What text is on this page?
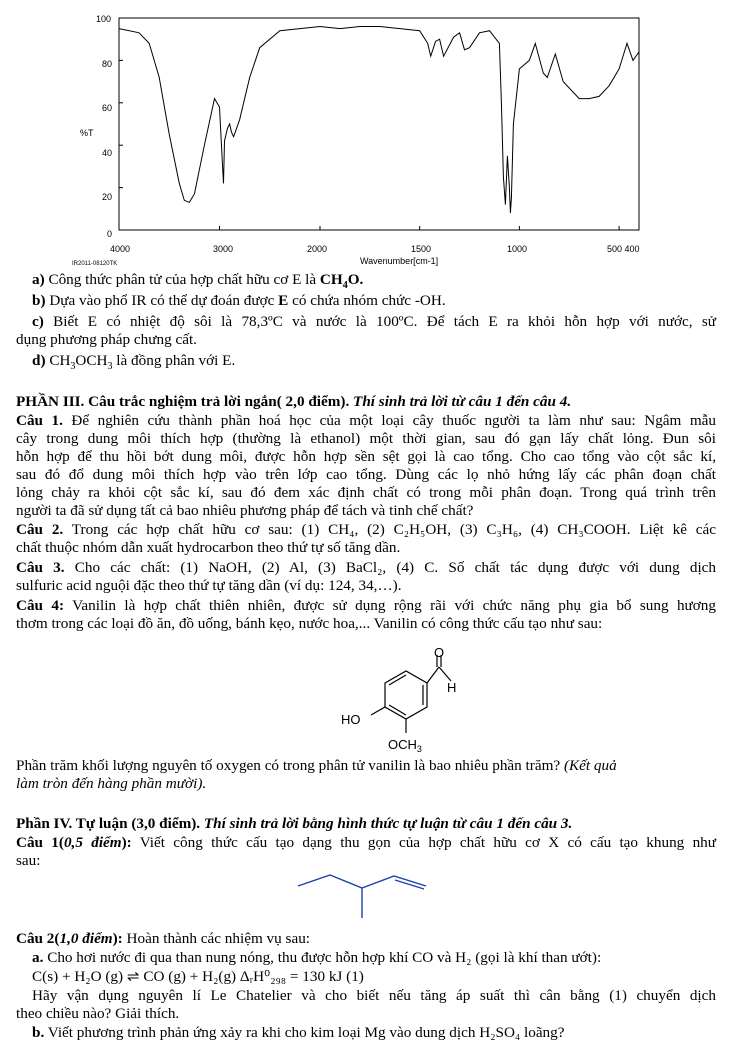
100
80
60
40
20
0
%T
4000	3000	2000	1500	1000	500 400
Wavenumber[cm-1]
IR2011-08120TK
a) Công thức phân tử của hợp chất hữu cơ E là $CH_4O$.
b) Dựa vào phổ IR có thể dự đoán được E có chứa nhóm chức -OH.
c) Biết E có nhiệt độ sôi là 78,3ºC và nước là 100ºC. Để tách E ra khỏi hỗn hợp với nước, sử
dụng phương pháp chưng cất.
d) $CH_3OCH_3$ là đồng phân với E.
PHẦN III. Câu trắc nghiệm trả lời ngắn( 2,0 điểm). Thí sinh trả lời từ câu 1 đến câu 4.
Câu 1. Để nghiên cứu thành phần hoá học của một loại cây thuốc người ta làm như sau: Ngâm mẫu
cây trong dung môi thích hợp (thường là ethanol) một thời gian, sau đó gạn lấy chất lỏng. Đun sôi
hỗn hợp để thu hồi bớt dung môi, được hỗn hợp sền sệt gọi là cao tổng. Cho cao tổng vào cột sắc kí,
sau đó đổ dung môi thích hợp vào trên lớp cao tổng. Dùng các lọ nhỏ hứng lấy các phân đoạn chất
lỏng chảy ra khỏi cột sắc kí, sau đó đem xác định chất có trong mỗi phân đoạn. Trong quá trình trên
người ta đã sử dụng tất cả bao nhiêu phương pháp để tách và tinh chế chất?
Câu 2. Trong các hợp chất hữu cơ sau: (1) CH₄, (2) C₂H₅OH, (3) C₃H₆, (4) CH₃COOH. Liệt kê các
chất thuộc nhóm dẫn xuất hydrocarbon theo thứ tự số tăng dần.
Câu 3. Cho các chất: (1) NaOH, (2) Al, (3) BaCl₂, (4) C. Số chất tác dụng được với dung dịch
sulfuric acid nguội đặc theo thứ tự tăng dần (ví dụ: 124, 34,…).
Câu 4: Vanilin là hợp chất thiên nhiên, được sử dụng rộng rãi với chức năng phụ gia bổ sung hương
thơm trong các loại đồ ăn, đồ uống, bánh kẹo, nước hoa,... Vanilin có công thức cấu tạo như sau:
O
H
HO
$OCH_3$
Phần trăm khối lượng nguyên tố oxygen có trong phân tử vanilin là bao nhiêu phần trăm? (Kết quả
làm tròn đến hàng phần mười).
Phần IV. Tự luận (3,0 điểm). Thí sinh trả lời bằng hình thức tự luận từ câu 1 đến câu 3.
Câu 1(0,5 điểm): Viết công thức cấu tạo dạng thu gọn của hợp chất hữu cơ X có cấu tạo khung như
sau:
Câu 2(1,0 điểm): Hoàn thành các nhiệm vụ sau:
a. Cho hơi nước đi qua than nung nóng, thu được hỗn hợp khí CO và H₂ (gọi là khí than ướt):
C(s) + H₂O (g) ⇌ CO (g) + H₂(g) ΔᵣH⁰₂₉₈ = 130 kJ (1)
Hãy vận dụng nguyên lí Le Chatelier và cho biết nếu tăng áp suất thì cân bằng (1) chuyển dịch
theo chiều nào? Giải thích.
b. Viết phương trình phản ứng xảy ra khi cho kim loại Mg vào dung dịch H₂SO₄ loãng?
